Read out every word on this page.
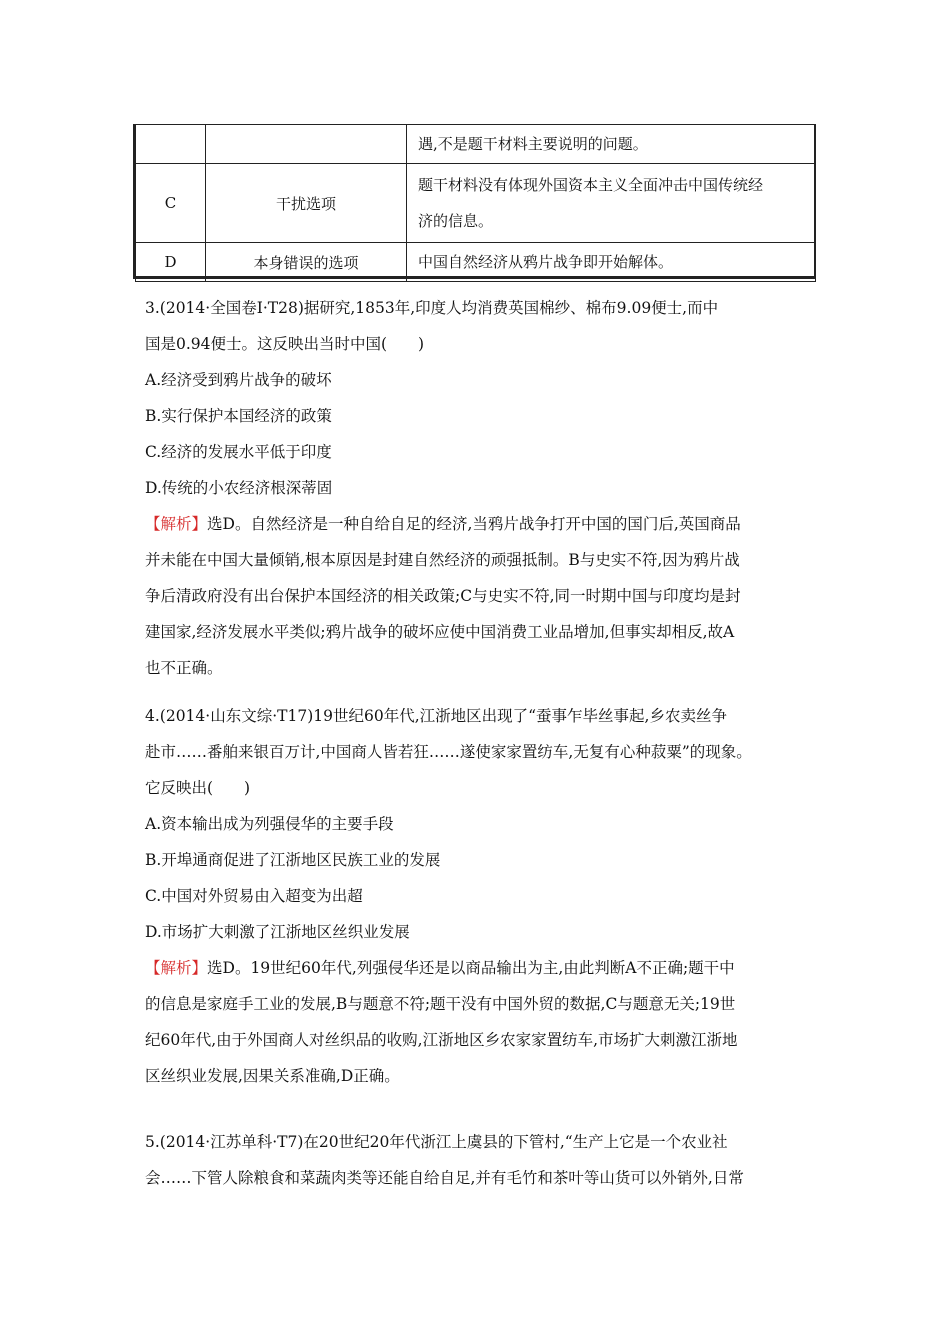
		遇,不是题干材料主要说明的问题。

C	干扰选项	题干材料没有体现外国资本主义全面冲击中国传统经
济的信息。

D	本身错误的选项	中国自然经济从鸦片战争即开始解体。
3.(2014·全国卷Ⅰ·T28)据研究,1853年,印度人均消费英国棉纱、棉布9.09便士,而中
国是0.94便士。这反映出当时中国(　　)
A.经济受到鸦片战争的破坏
B.实行保护本国经济的政策
C.经济的发展水平低于印度
D.传统的小农经济根深蒂固
【解析】选D。自然经济是一种自给自足的经济,当鸦片战争打开中国的国门后,英国商品
并未能在中国大量倾销,根本原因是封建自然经济的顽强抵制。B与史实不符,因为鸦片战
争后清政府没有出台保护本国经济的相关政策;C与史实不符,同一时期中国与印度均是封
建国家,经济发展水平类似;鸦片战争的破坏应使中国消费工业品增加,但事实却相反,故A
也不正确。
4.(2014·山东文综·T17)19世纪60年代,江浙地区出现了“蚕事乍毕丝事起,乡农卖丝争
赴市……番舶来银百万计,中国商人皆若狂……遂使家家置纺车,无复有心种菽粟”的现象。
它反映出(　　)
A.资本输出成为列强侵华的主要手段
B.开埠通商促进了江浙地区民族工业的发展
C.中国对外贸易由入超变为出超
D.市场扩大刺激了江浙地区丝织业发展
【解析】选D。19世纪60年代,列强侵华还是以商品输出为主,由此判断A不正确;题干中
的信息是家庭手工业的发展,B与题意不符;题干没有中国外贸的数据,C与题意无关;19世
纪60年代,由于外国商人对丝织品的收购,江浙地区乡农家家置纺车,市场扩大刺激江浙地
区丝织业发展,因果关系准确,D正确。
5.(2014·江苏单科·T7)在20世纪20年代浙江上虞县的下管村,“生产上它是一个农业社
会……下管人除粮食和菜蔬肉类等还能自给自足,并有毛竹和茶叶等山货可以外销外,日常
